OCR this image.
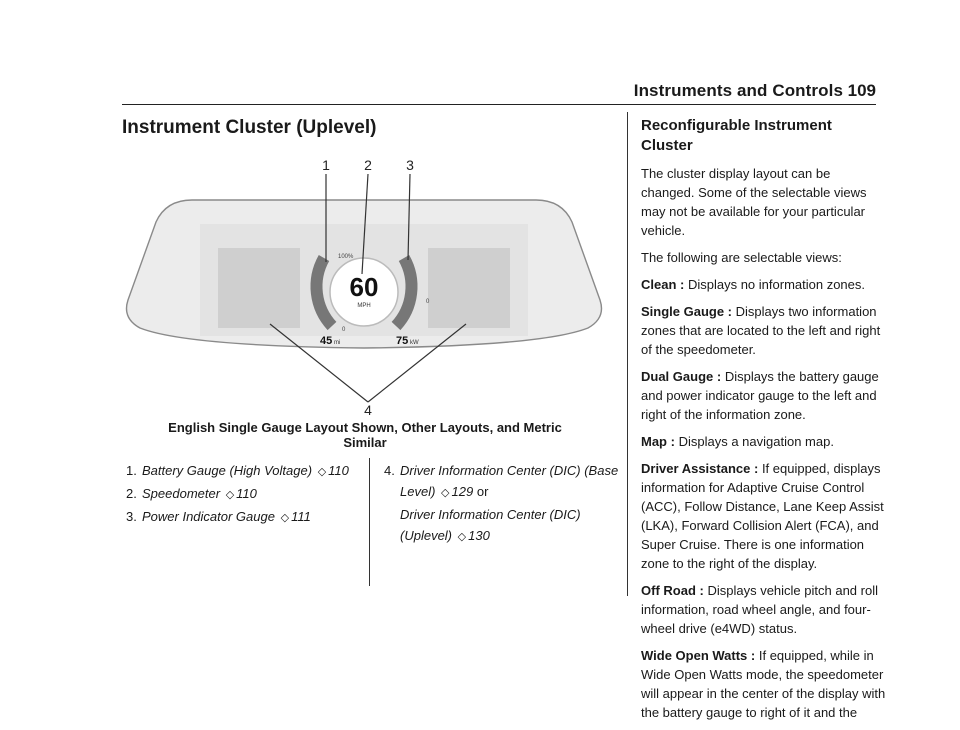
Instruments and Controls 109
Instrument Cluster (Uplevel)
100%
0
0
60
MPH
45 mi	75 kW
1 2 3
4
English Single Gauge Layout Shown, Other Layouts, and Metric Similar
1. Battery Gauge (High Voltage) ◇ 110
2. Speedometer ◇ 110
3. Power Indicator Gauge ◇ 111
4. Driver Information Center (DIC) (Base Level) ◇ 129 or
Driver Information Center (DIC) (Uplevel) ◇ 130
Reconfigurable Instrument Cluster

The cluster display layout can be changed. Some of the selectable views may not be available for your particular vehicle.

The following are selectable views:

Clean : Displays no information zones.

Single Gauge : Displays two information zones that are located to the left and right of the speedometer.

Dual Gauge : Displays the battery gauge and power indicator gauge to the left and right of the information zone.

Map : Displays a navigation map.

Driver Assistance : If equipped, displays information for Adaptive Cruise Control (ACC), Follow Distance, Lane Keep Assist (LKA), Forward Collision Alert (FCA), and Super Cruise. There is one information zone to the right of the display.

Off Road : Displays vehicle pitch and roll information, road wheel angle, and four-wheel drive (e4WD) status.

Wide Open Watts : If equipped, while in Wide Open Watts mode, the speedometer will appear in the center of the display with the battery gauge to right of it and the
